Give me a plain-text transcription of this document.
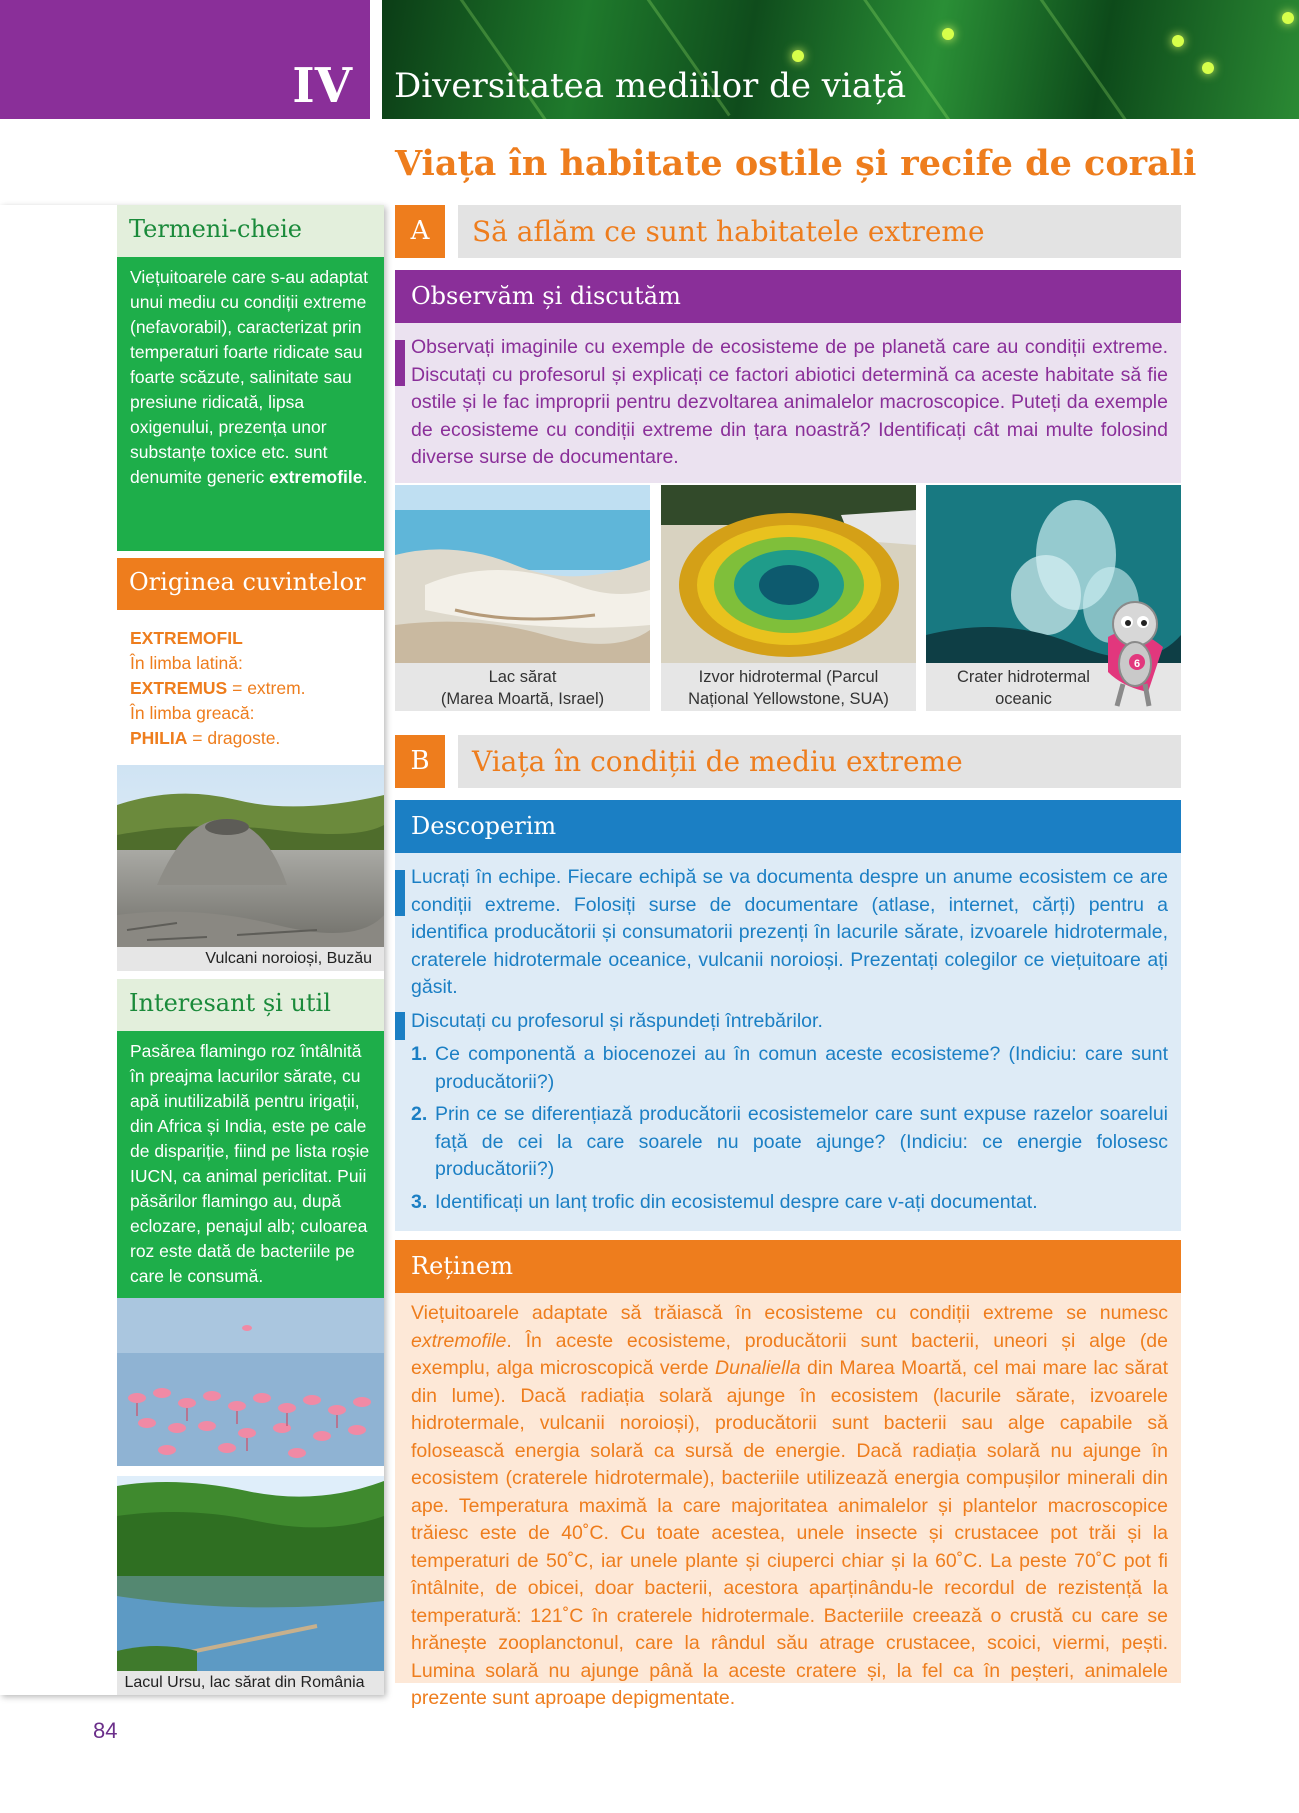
IV Diversitatea mediilor de viață
Viața în habitate ostile și recife de corali
Termeni-cheie
Viețuitoarele care s-au adaptat unui mediu cu condiții extreme (nefavorabil), caracterizat prin temperaturi foarte ridicate sau foarte scăzute, salinitate sau presiune ridicată, lipsa oxigenului, prezența unor substanțe toxice etc. sunt denumite generic extremofile.
Originea cuvintelor
EXTREMOFIL
În limba latină:
EXTREMUS = extrem.
În limba greacă:
PHILIA = dragoste.
Vulcani noroioși, Buzău
Interesant și util
Pasărea flamingo roz întâlnită în preajma lacurilor sărate, cu apă inutilizabilă pentru irigații, din Africa și India, este pe cale de dispariție, fiind pe lista roșie IUCN, ca animal periclitat. Puii păsărilor flamingo au, după eclozare, penajul alb; culoarea roz este dată de bacteriile pe care le consumă.
Lacul Ursu, lac sărat din România
A	Să aflăm ce sunt habitatele extreme
Observăm și discutăm
Observați imaginile cu exemple de ecosisteme de pe planetă care au condiții extreme. Discutați cu profesorul și explicați ce factori abiotici determină ca aceste habitate să fie ostile și le fac improprii pentru dezvoltarea animalelor macroscopice. Puteți da exemple de ecosisteme cu condiții extreme din țara noastră? Identificați cât mai multe folosind diverse surse de documentare.
Lac sărat
(Marea Moartă, Israel)
Izvor hidrotermal (Parcul
Național Yellowstone, SUA)
Crater hidrotermal
oceanic
6
B	Viața în condiții de mediu extreme
Descoperim
Lucrați în echipe. Fiecare echipă se va documenta despre un anume ecosistem ce are condiții extreme. Folosiți surse de documentare (atlase, internet, cărți) pentru a identifica producătorii și consumatorii prezenți în lacurile sărate, izvoarele hidrotermale, craterele hidrotermale oceanice, vulcanii noroioși. Prezentați colegilor ce viețuitoare ați găsit.
Discutați cu profesorul și răspundeți întrebărilor.
1. Ce componentă a biocenozei au în comun aceste ecosisteme? (Indiciu: care sunt producătorii?)
2. Prin ce se diferențiază producătorii ecosistemelor care sunt expuse razelor soarelui față de cei la care soarele nu poate ajunge? (Indiciu: ce energie folosesc producătorii?)
3. Identificați un lanț trofic din ecosistemul despre care v-ați documentat.
Reținem
Viețuitoarele adaptate să trăiască în ecosisteme cu condiții extreme se numesc extremofile. În aceste ecosisteme, producătorii sunt bacterii, uneori și alge (de exemplu, alga microscopică verde Dunaliella din Marea Moartă, cel mai mare lac sărat din lume). Dacă radiația solară ajunge în ecosistem (lacurile sărate, izvoarele hidrotermale, vulcanii noroioși), producătorii sunt bacterii sau alge capabile să folosească energia solară ca sursă de energie. Dacă radiația solară nu ajunge în ecosistem (craterele hidrotermale), bacteriile utilizează energia compușilor minerali din ape. Temperatura maximă la care majoritatea animalelor și plantelor macroscopice trăiesc este de 40˚C. Cu toate acestea, unele insecte și crustacee pot trăi și la temperaturi de 50˚C, iar unele plante și ciuperci chiar și la 60˚C. La peste 70˚C pot fi întâlnite, de obicei, doar bacterii, acestora aparținându-le recordul de rezistență la temperatură: 121˚C în craterele hidrotermale. Bacteriile creează o crustă cu care se hrănește zooplanctonul, care la rândul său atrage crustacee, scoici, viermi, pești. Lumina solară nu ajunge până la aceste cratere și, la fel ca în peșteri, animalele prezente sunt aproape depigmentate.
84
